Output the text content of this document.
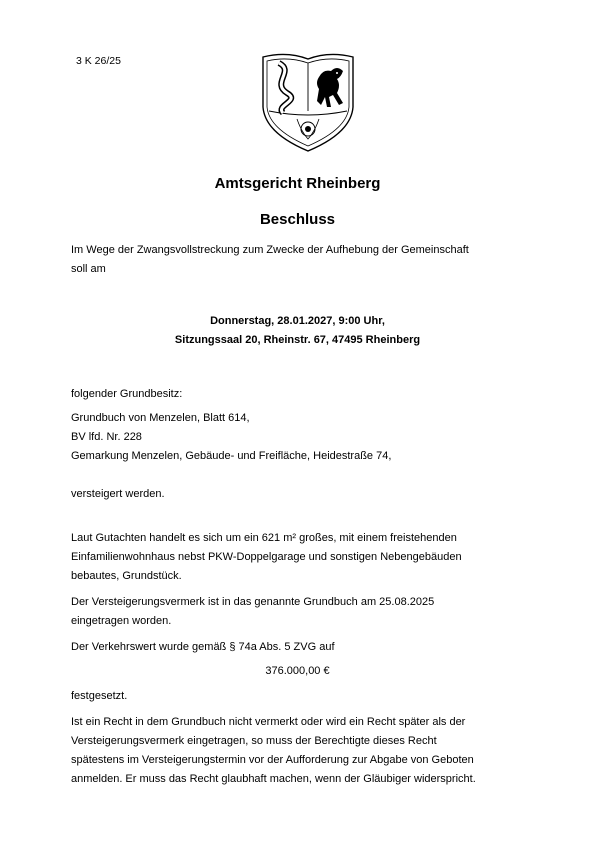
3 K 26/25
Amtsgericht Rheinberg
Beschluss
Im Wege der Zwangsvollstreckung zum Zwecke der Aufhebung der Gemeinschaft
soll am
Donnerstag, 28.01.2027, 9:00 Uhr,
Sitzungssaal 20, Rheinstr. 67, 47495 Rheinberg
folgender Grundbesitz:
Grundbuch von Menzelen, Blatt 614,
BV lfd. Nr. 228
Gemarkung Menzelen, Gebäude- und Freifläche, Heidestraße 74,
versteigert werden.
Laut Gutachten handelt es sich um ein 621 m² großes, mit einem freistehenden
Einfamilienwohnhaus nebst PKW-Doppelgarage und sonstigen Nebengebäuden
bebautes, Grundstück.
Der Versteigerungsvermerk ist in das genannte Grundbuch am 25.08.2025
eingetragen worden.
Der Verkehrswert wurde gemäß § 74a Abs. 5 ZVG auf
376.000,00 €
festgesetzt.
Ist ein Recht in dem Grundbuch nicht vermerkt oder wird ein Recht später als der
Versteigerungsvermerk eingetragen, so muss der Berechtigte dieses Recht
spätestens im Versteigerungstermin vor der Aufforderung zur Abgabe von Geboten
anmelden. Er muss das Recht glaubhaft machen, wenn der Gläubiger widerspricht.
